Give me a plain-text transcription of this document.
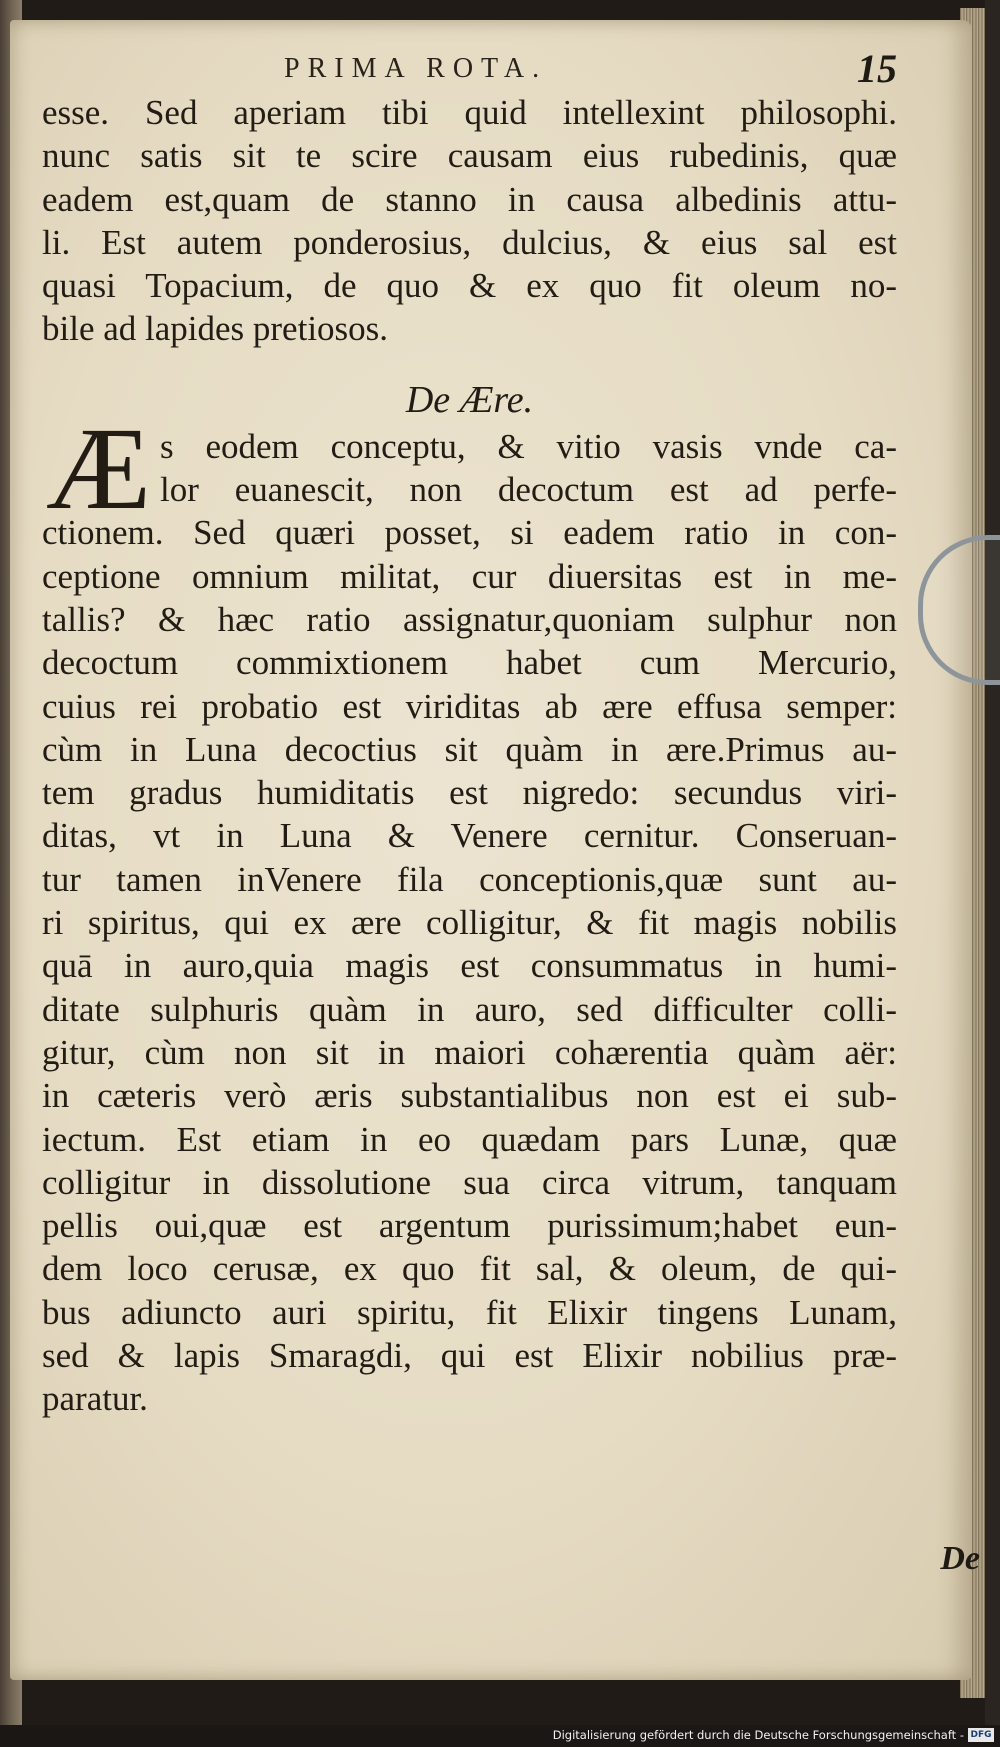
PRIMA ROTA.	15
esse. Sed aperiam tibi quid intellexint philosophi.
nunc satis sit te scire causam eius rubedinis, quæ
eadem est,quam de stanno in causa albedinis attu-
li. Est autem ponderosius, dulcius, & eius sal est
quasi Topacium, de quo & ex quo fit oleum no-
bile ad lapides pretiosos.
De Ære.
Æ s eodem conceptu, & vitio vasis vnde ca-
lor euanescit, non decoctum est ad perfe-
ctionem. Sed quæri posset, si eadem ratio in con-
ceptione omnium militat, cur diuersitas est in me-
tallis? & hæc ratio assignatur,quoniam sulphur non
decoctum commixtionem habet cum Mercurio,
cuius rei probatio est viriditas ab ære effusa semper:
cùm in Luna decoctius sit quàm in ære.Primus au-
tem gradus humiditatis est nigredo: secundus viri-
ditas, vt in Luna & Venere cernitur. Conseruan-
tur tamen inVenere fila conceptionis,quæ sunt au-
ri spiritus, qui ex ære colligitur, & fit magis nobilis
quā in auro,quia magis est consummatus in humi-
ditate sulphuris quàm in auro, sed difficulter colli-
gitur, cùm non sit in maiori cohærentia quàm aër:
in cæteris verò æris substantialibus non est ei sub-
iectum. Est etiam in eo quædam pars Lunæ, quæ
colligitur in dissolutione sua circa vitrum, tanquam
pellis oui,quæ est argentum purissimum;habet eun-
dem loco cerusæ, ex quo fit sal, & oleum, de qui-
bus adiuncto auri spiritu, fit Elixir tingens Lunam,
sed & lapis Smaragdi, qui est Elixir nobilius præ-
paratur.
De
Digitalisierung gefördert durch die Deutsche Forschungsgemeinschaft - DFG
